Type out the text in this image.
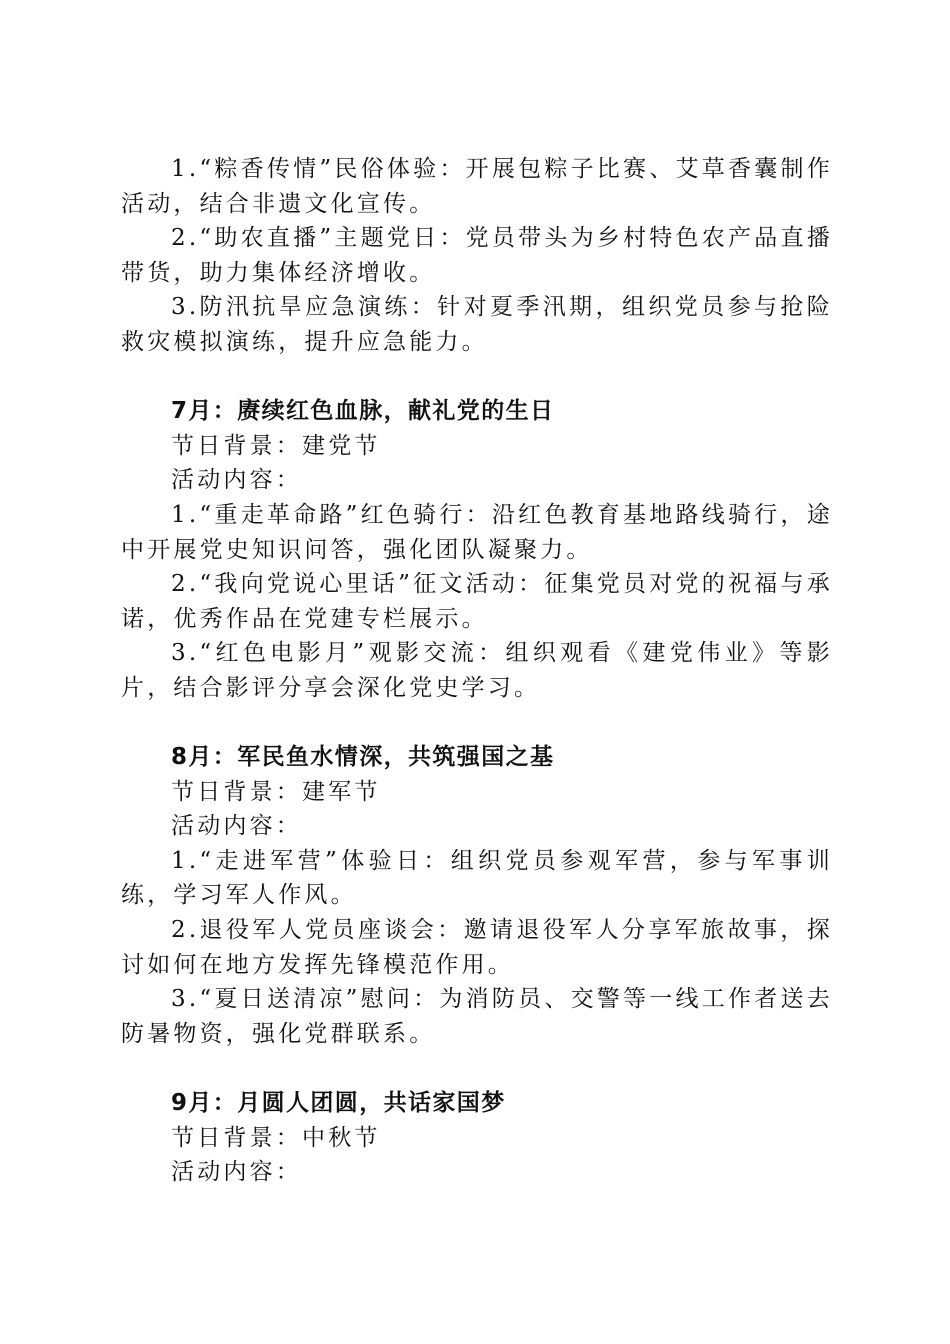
1.“粽香传情”民俗体验：开展包粽子比赛、艾草香囊制作活动，结合非遗文化宣传。

2.“助农直播”主题党日：党员带头为乡村特色农产品直播带货，助力集体经济增收。

3.防汛抗旱应急演练：针对夏季汛期，组织党员参与抢险救灾模拟演练，提升应急能力。

7月：赓续红色血脉，献礼党的生日

节日背景：建党节

活动内容：

1.“重走革命路”红色骑行：沿红色教育基地路线骑行，途中开展党史知识问答，强化团队凝聚力。

2.“我向党说心里话”征文活动：征集党员对党的祝福与承诺，优秀作品在党建专栏展示。

3.“红色电影月”观影交流：组织观看《建党伟业》等影片，结合影评分享会深化党史学习。

8月：军民鱼水情深，共筑强国之基

节日背景：建军节

活动内容：

1.“走进军营”体验日：组织党员参观军营，参与军事训练，学习军人作风。

2.退役军人党员座谈会：邀请退役军人分享军旅故事，探讨如何在地方发挥先锋模范作用。

3.“夏日送清凉”慰问：为消防员、交警等一线工作者送去防暑物资，强化党群联系。

9月：月圆人团圆，共话家国梦

节日背景：中秋节

活动内容：
